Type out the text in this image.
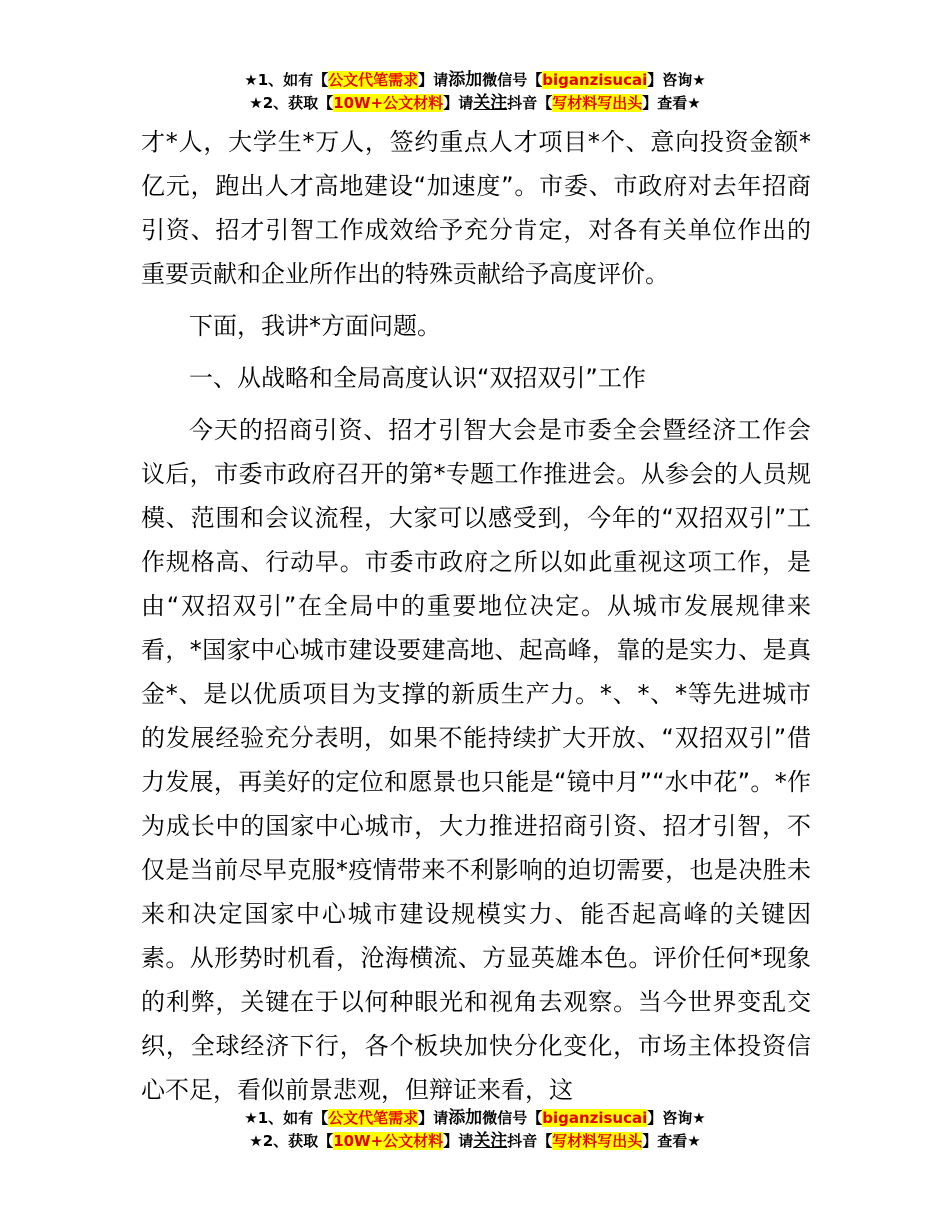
★1、如有【公文代笔需求】请添加微信号【biganzisucai】咨询★
★2、获取【10W+公文材料】请关注抖音【写材料写出头】查看★

才*人，大学生*万人，签约重点人才项目*个、意向投资金额*亿元，跑出人才高地建设“加速度”。市委、市政府对去年招商引资、招才引智工作成效给予充分肯定，对各有关单位作出的重要贡献和企业所作出的特殊贡献给予高度评价。

下面，我讲*方面问题。

一、从战略和全局高度认识“双招双引”工作

今天的招商引资、招才引智大会是市委全会暨经济工作会议后，市委市政府召开的第*专题工作推进会。从参会的人员规模、范围和会议流程，大家可以感受到，今年的“双招双引”工作规格高、行动早。市委市政府之所以如此重视这项工作，是由“双招双引”在全局中的重要地位决定。从城市发展规律来看，*国家中心城市建设要建高地、起高峰，靠的是实力、是真金*、是以优质项目为支撑的新质生产力。*、*、*等先进城市的发展经验充分表明，如果不能持续扩大开放、“双招双引”借力发展，再美好的定位和愿景也只能是“镜中月”“水中花”。*作为成长中的国家中心城市，大力推进招商引资、招才引智，不仅是当前尽早克服*疫情带来不利影响的迫切需要，也是决胜未来和决定国家中心城市建设规模实力、能否起高峰的关键因素。从形势时机看，沧海横流、方显英雄本色。评价任何*现象的利弊，关键在于以何种眼光和视角去观察。当今世界变乱交织，全球经济下行，各个板块加快分化变化，市场主体投资信心不足，看似前景悲观，但辩证来看，这

★1、如有【公文代笔需求】请添加微信号【biganzisucai】咨询★
★2、获取【10W+公文材料】请关注抖音【写材料写出头】查看★
